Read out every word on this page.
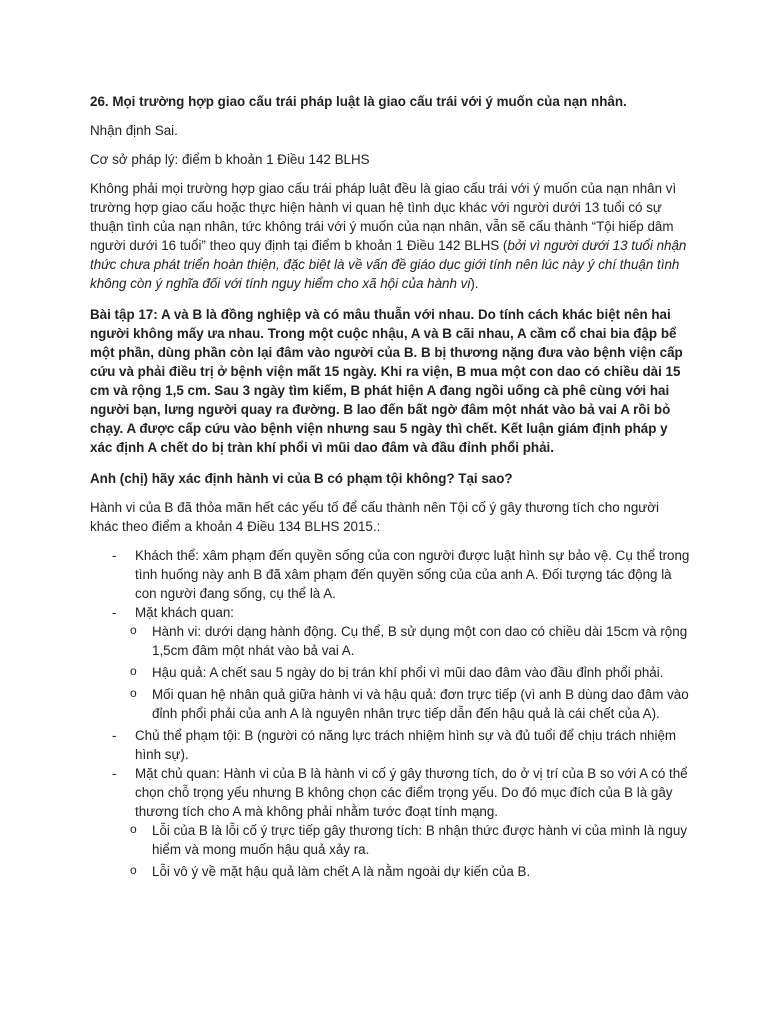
26. Mọi trường hợp giao cấu trái pháp luật là giao cấu trái với ý muốn của nạn nhân.

Nhận định Sai.

Cơ sở pháp lý: điểm b khoản 1 Điều 142 BLHS

Không phải mọi trường hợp giao cấu trái pháp luật đều là giao cấu trái với ý muốn của nạn nhân vì trường hợp giao cấu hoặc thực hiện hành vi quan hệ tình dục khác với người dưới 13 tuổi có sự thuận tình của nạn nhân, tức không trái với ý muốn của nạn nhân, vẫn sẽ cấu thành “Tội hiếp dâm người dưới 16 tuổi” theo quy định tại điểm b khoản 1 Điều 142 BLHS (bởi vì người dưới 13 tuổi nhận thức chưa phát triển hoàn thiện, đặc biệt là về vấn đề giáo dục giới tính nên lúc này ý chí thuận tình không còn ý nghĩa đối với tính nguy hiểm cho xã hội của hành vi).

Bài tập 17: A và B là đồng nghiệp và có mâu thuẫn với nhau. Do tính cách khác biệt nên hai người không mấy ưa nhau. Trong một cuộc nhậu, A và B cãi nhau, A cầm cổ chai bia đập bể một phần, dùng phần còn lại đâm vào người của B. B bị thương nặng đưa vào bệnh viện cấp cứu và phải điều trị ở bệnh viện mất 15 ngày. Khi ra viện, B mua một con dao có chiều dài 15 cm và rộng 1,5 cm. Sau 3 ngày tìm kiếm, B phát hiện A đang ngồi uống cà phê cùng với hai người bạn, lưng người quay ra đường. B lao đến bất ngờ đâm một nhát vào bả vai A rồi bỏ chạy. A được cấp cứu vào bệnh viện nhưng sau 5 ngày thì chết. Kết luận giám định pháp y xác định A chết do bị tràn khí phổi vì mũi dao đâm và đầu đỉnh phổi phải.

Anh (chị) hãy xác định hành vi của B có phạm tội không? Tại sao?

Hành vi của B đã thỏa mãn hết các yếu tố để cấu thành nên Tội cố ý gây thương tích cho người khác theo điểm a khoản 4 Điều 134 BLHS 2015.:

- Khách thể: xâm phạm đến quyền sống của con người được luật hình sự bảo vệ. Cụ thể trong tình huống này anh B đã xâm phạm đến quyền sống của của anh A. Đối tượng tác động là con người đang sống, cụ thể là A.
- Mặt khách quan:
o Hành vi: dưới dạng hành động. Cụ thể, B sử dụng một con dao có chiều dài 15cm và rộng 1,5cm đâm một nhát vào bả vai A.
o Hậu quả: A chết sau 5 ngày do bị trán khí phổi vì mũi dao đâm vào đầu đỉnh phổi phải.
o Mối quan hệ nhân quả giữa hành vi và hậu quả: đơn trực tiếp (vì anh B dùng dao đâm vào đỉnh phổi phải của anh A là nguyên nhân trực tiếp dẫn đến hậu quả là cái chết của A).
- Chủ thể phạm tội: B (người có năng lực trách nhiệm hình sự và đủ tuổi để chịu trách nhiệm hình sự).
- Mặt chủ quan: Hành vi của B là hành vi cố ý gây thương tích, do ở vị trí của B so với A có thể chọn chỗ trọng yếu nhưng B không chọn các điểm trọng yếu. Do đó mục đích của B là gây thương tích cho A mà không phải nhằm tước đoạt tính mạng.
o Lỗi của B là lỗi cố ý trực tiếp gây thương tích: B nhận thức được hành vi của mình là nguy hiểm và mong muốn hậu quả xảy ra.
o Lỗi vô ý về mặt hậu quả làm chết A là nằm ngoài dự kiến của B.
